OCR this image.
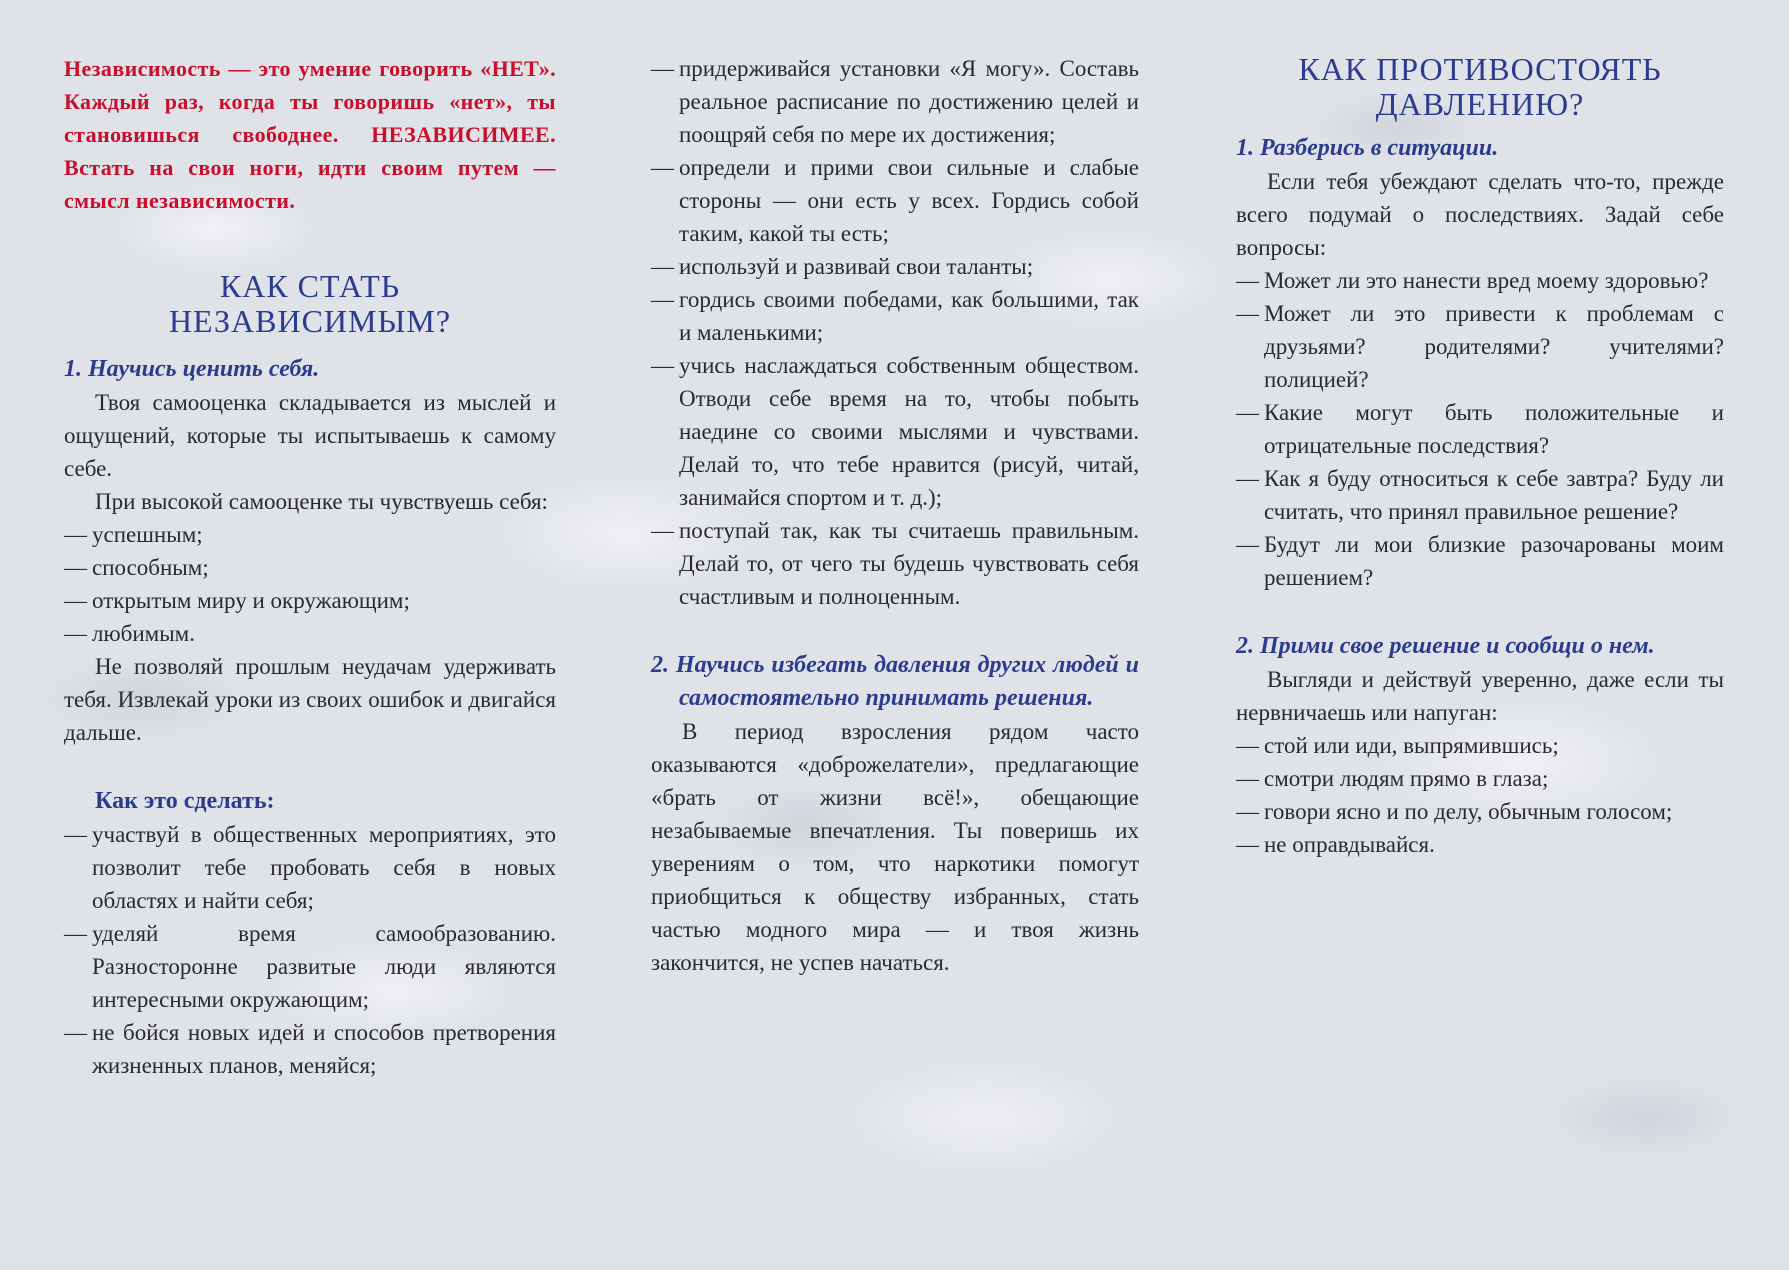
Независимость — это умение говорить «НЕТ». Каждый раз, когда ты говоришь «нет», ты становишься свободнее. НЕЗАВИСИМЕЕ. Встать на свои ноги, идти своим путем — смысл независимости.

КАК СТАТЬ
НЕЗАВИСИМЫМ?

1. Научись ценить себя.

Твоя самооценка складывается из мыслей и ощущений, которые ты испытываешь к самому себе.

При высокой самооценке ты чувствуешь себя:

— успешным;
— способным;
— открытым миру и окружающим;
— любимым.

Не позволяй прошлым неудачам удерживать тебя. Извлекай уроки из своих ошибок и двигайся дальше.

Как это сделать:

— участвуй в общественных мероприятиях, это позволит тебе пробовать себя в новых областях и найти себя;
— уделяй время самообразованию. Разносторонне развитые люди являются интересными окружающим;
— не бойся новых идей и способов претворения жизненных планов, меняйся;
— придерживайся установки «Я могу». Составь реальное расписание по достижению целей и поощряй себя по мере их достижения;
— определи и прими свои сильные и слабые стороны — они есть у всех. Гордись собой таким, какой ты есть;
— используй и развивай свои таланты;
— гордись своими победами, как большими, так и маленькими;
— учись наслаждаться собственным обществом. Отводи себе время на то, чтобы побыть наедине со своими мыслями и чувствами. Делай то, что тебе нравится (рисуй, читай, занимайся спортом и т. д.);
— поступай так, как ты считаешь правильным. Делай то, от чего ты будешь чувствовать себя счастливым и полноценным.

2. Научись избегать давления других людей и самостоятельно принимать решения.

В период взросления рядом часто оказываются «доброжелатели», предлагающие «брать от жизни всё!», обещающие незабываемые впечатления. Ты поверишь их уверениям о том, что наркотики помогут приобщиться к обществу избранных, стать частью модного мира — и твоя жизнь закончится, не успев начаться.

КАК ПРОТИВОСТОЯТЬ
ДАВЛЕНИЮ?

1. Разберись в ситуации.

Если тебя убеждают сделать что-то, прежде всего подумай о последствиях. Задай себе вопросы:

— Может ли это нанести вред моему здоровью?
— Может ли это привести к проблемам с друзьями? родителями? учителями? полицией?
— Какие могут быть положительные и отрицательные последствия?
— Как я буду относиться к себе завтра? Буду ли считать, что принял правильное решение?
— Будут ли мои близкие разочарованы моим решением?

2. Прими свое решение и сообщи о нем.

Выгляди и действуй уверенно, даже если ты нервничаешь или напуган:

— стой или иди, выпрямившись;
— смотри людям прямо в глаза;
— говори ясно и по делу, обычным голосом;
— не оправдывайся.
